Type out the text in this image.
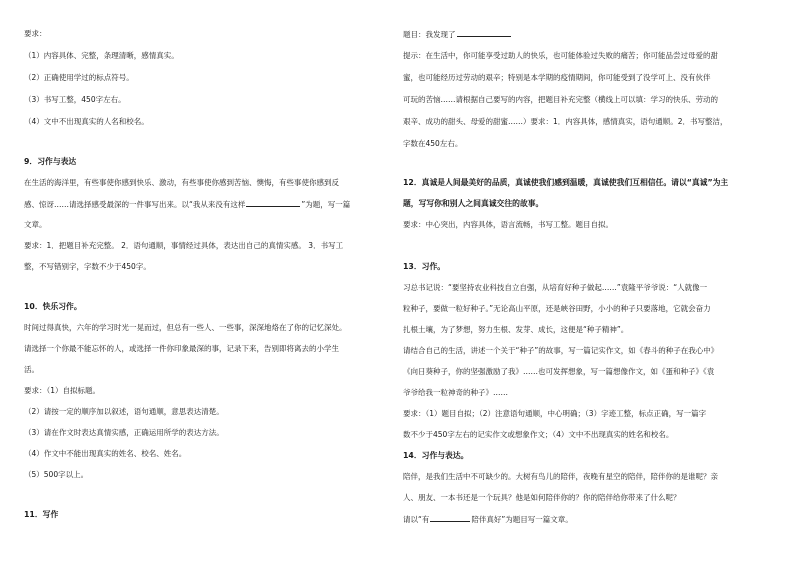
要求：
（1）内容具体、完整，条理清晰，感情真实。
（2）正确使用学过的标点符号。
（3）书写工整，450字左右。
（4）文中不出现真实的人名和校名。
9．习作与表达
在生活的海洋里，有些事使你感到快乐、激动，有些事使你感到苦恼、懊悔，有些事使你感到反
感、惊讶……请选择感受最深的一件事写出来。以“我从来没有这样	”为题，写一篇
文章。
要求：1．把题目补充完整。 2．语句通顺，事情经过具体，表达出自己的真情实感。 3．书写工
整，不写错别字，字数不少于450字。
10．快乐习作。
时间过得真快，六年的学习时光一晃而过，但总有一些人、一些事，深深地烙在了你的记忆深处。
请选择一个你最不能忘怀的人，或选择一件你印象最深的事，记录下来，告别即将离去的小学生
活。
要求：（1）自拟标题。
（2）请按一定的顺序加以叙述，语句通顺，意思表达清楚。
（3）请在作文时表达真情实感，正确运用所学的表达方法。
（4）作文中不能出现真实的姓名、校名、姓名。
（5）500字以上。
11．写作
题目：我发现了
提示：在生活中，你可能享受过助人的快乐，也可能体验过失败的痛苦；你可能品尝过母爱的甜
蜜，也可能经历过劳动的艰辛；特别是本学期的疫情期间，你可能受到了没学可上、没有伙伴
可玩的苦恼……请根据自己要写的内容，把题目补充完整（横线上可以填：学习的快乐、劳动的
艰辛、成功的甜头、母爱的甜蜜……）要求：1．内容具体，感情真实，语句通顺。2．书写整洁，
字数在450左右。
12．真诚是人间最美好的品质，真诚使我们感到温暖，真诚使我们互相信任。请以“真诚”为主
题，写写你和别人之间真诚交往的故事。
要求：中心突出，内容具体，语言流畅，书写工整。题目自拟。
13．习作。
习总书记说：“要坚持农业科技自立自强，从培育好种子做起……”袁隆平爷爷说：“人就像一
粒种子，要做一粒好种子。”无论高山平原，还是峡谷田野，小小的种子只要落地，它就会奋力
扎根土壤，为了梦想，努力生根、发芽、成长，这便是“种子精神”。
请结合自己的生活，讲述一个关于“种子”的故事，写一篇记实作文，如《春斗的种子在我心中》
《向日葵种子，你的坚强激励了我》……也可发挥想象，写一篇想像作文，如《蛋和种子》《袁
爷爷给我一粒神奇的种子》……
要求：（1）题目自拟；（2）注意语句通顺，中心明确；（3）字迹工整，标点正确，写一篇字
数不少于450字左右的记实作文或想象作文；（4）文中不出现真实的姓名和校名。
14．习作与表达。
陪伴，是我们生活中不可缺少的。大树有鸟儿的陪伴，夜晚有星空的陪伴，陪伴你的是谁呢？亲
人、朋友、一本书还是一个玩具？他是如何陪伴你的？你的陪伴给你带来了什么呢？
请以“有	陪伴真好”为题目写一篇文章。
